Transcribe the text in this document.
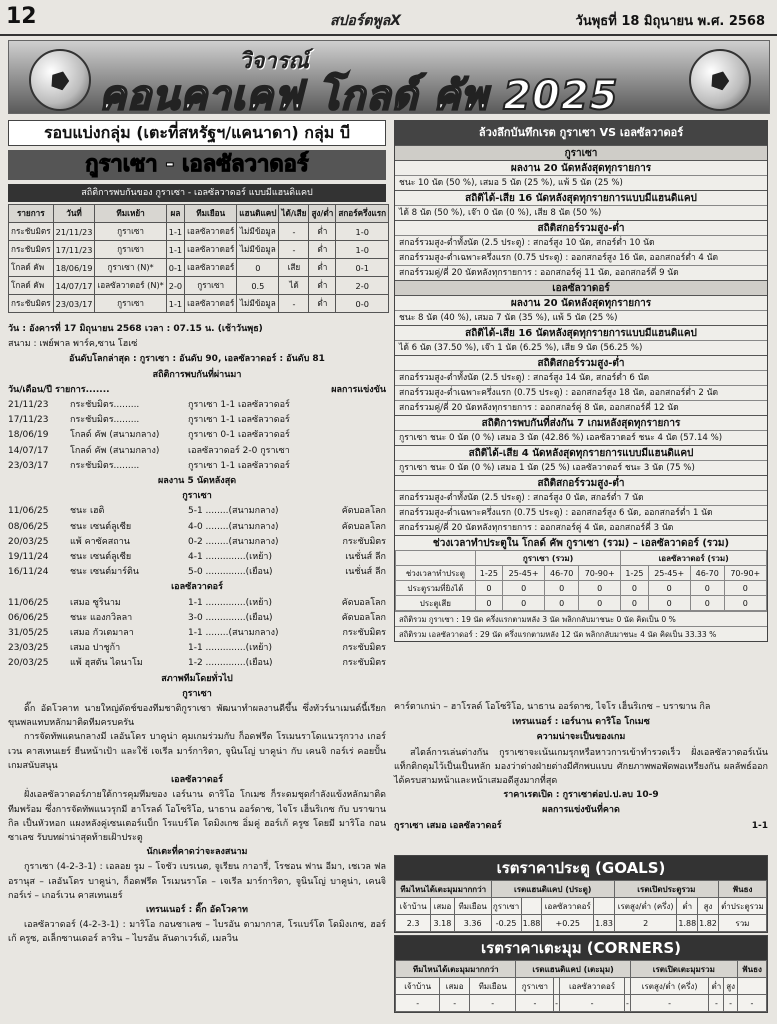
12	สปอร์ตพูลX	วันพุธที่ 18 มิถุนายน พ.ศ. 2568
วิจารณ์
คอนคาเคฟ โกลด์ คัพ 2025
รอบแบ่งกลุ่ม (เตะที่สหรัฐฯ/แคนาดา) กลุ่ม บี
กูราเซา - เอลซัลวาดอร์
สถิติการพบกันของ กูราเซา - เอลซัลวาดอร์ แบบมีแฮนดิแคป
รายการ	วันที่	ทีมเหย้า	ผล	ทีมเยือน	แฮนดิแคป	ได้/เสีย	สูง/ต่ำ	สกอร์ครึ่งแรก
กระชับมิตร	21/11/23	กูราเซา	1-1	เอลซัลวาดอร์	ไม่มีข้อมูล	-	ต่ำ	1-0
กระชับมิตร	17/11/23	กูราเซา	1-1	เอลซัลวาดอร์	ไม่มีข้อมูล	-	ต่ำ	1-0
โกลด์ คัพ	18/06/19	กูราเซา (N)*	0-1	เอลซัลวาดอร์	0	เสีย	ต่ำ	0-1
โกลด์ คัพ	14/07/17	เอลซัลวาดอร์ (N)*	2-0	กูราเซา	0.5	ได้	ต่ำ	2-0
กระชับมิตร	23/03/17	กูราเซา	1-1	เอลซัลวาดอร์	ไม่มีข้อมูล	-	ต่ำ	0-0
วัน : อังคารที่ 17 มิถุนายน 2568 เวลา : 07.15 น. (เช้าวันพุธ)
สนาม : เพย์พาล พาร์ค,ซาน โฮเซ่
อันดับโลกล่าสุด : กูราเซา : อันดับ 90, เอลซัลวาดอร์ : อันดับ 81
สถิติการพบกันที่ผ่านมา
วัน/เดือน/ปี รายการ.......	ผลการแข่งขัน
21/11/23	กระชับมิตร.........	กูราเซา 1-1 เอลซัลวาดอร์
17/11/23	กระชับมิตร.........	กูราเซา 1-1 เอลซัลวาดอร์
18/06/19	โกลด์ คัพ (สนามกลาง)	กูราเซา 0-1 เอลซัลวาดอร์
14/07/17	โกลด์ คัพ (สนามกลาง)	เอลซัลวาดอร์ 2-0 กูราเซา
23/03/17	กระชับมิตร.........	กูราเซา 1-1 เอลซัลวาดอร์
ผลงาน 5 นัดหลังสุด
กูราเซา
11/06/25	ชนะ เฮติ	5-1 ........(สนามกลาง)	คัดบอลโลก
08/06/25	ชนะ เซนต์ลูเซีย	4-0 ........(สนามกลาง)	คัดบอลโลก
20/03/25	แพ้ คาซัคสถาน	0-2 ........(สนามกลาง)	กระชับมิตร
19/11/24	ชนะ เซนต์ลูเซีย	4-1 ..............(เหย้า)	เนชั่นส์ ลีก
16/11/24	ชนะ เซนต์มาร์ติน	5-0 ..............(เยือน)	เนชั่นส์ ลีก
เอลซัลวาดอร์
11/06/25	เสมอ ซูรินาม	1-1 ..............(เหย้า)	คัดบอลโลก
06/06/25	ชนะ แองกวิลลา	3-0 ..............(เยือน)	คัดบอลโลก
31/05/25	เสมอ กัวเตมาลา	1-1 ........(สนามกลาง)	กระชับมิตร
23/03/25	เสมอ ปาชูก้า	1-1 ..............(เหย้า)	กระชับมิตร
20/03/25	แพ้ ฮุสตัน ไดนาโม	1-2 ..............(เยือน)	กระชับมิตร
สภาพทีมโดยทั่วไป
กูราเซา
ดิ๊ก อัดโวคาท นายใหญ่ดัตช์ของทีมชาติกูราเซา พัฒนาทำผลงานดีขึ้น ซึ่งทัวร์นาเมนต์นี้เรียกขุนพลแทบหลักมาติดทีมครบครัน
การจัดทัพแดนกลางมี เลอันโดร บาคูน่า คุมเกมร่วมกับ ก็อดฟรีด โรเมนราโดแนวรุกวาง เกอร์เวน คาสเทนเยร์ ยืนหน้าเป้า และใช้ เจเรีล มาร์การิตา, จูนินโญ่ บาคูน่า กับ เคนจิ กอร์เร่ คอยปั้นเกมสนับสนุน
เอลซัลวาดอร์
ฝั่งเอลซัลวาดอร์ภายใต้การคุมทีมของ เอร์นาน ดาริโอ โกเมซ ก็ระดมชุดกำลังแข้งหลักมาติดทีมพร้อม ซึ่งการจัดทัพแนวรุกมี ฮาโรลด์ โอโซริโอ, นาธาน ออร์ดาซ, ไจโร เฮ็นริเกซ กับ บราฆาน กิล เป็นหัวหอก แผงหลังคู่เซนเตอร์แบ็ก โรแบร์โต โดมิงเกซ อิ่มคู่ ฮอร์เก้ ครูซ โดยมี มาริโอ กอนซาเลซ รับบทผ่าน่าสุดท้ายเฝ้าประตู
นักเตะที่คาดว่าจะลงสนาม
กูราเซา (4-2-3-1) : เอลอย รูม – โจชัว เบรเนต, จูเรียน กาอารี่, โรชอน ฟาน อีมา, เชเวล ฟลอรานุส – เลอันโดร บาคูน่า, ก็อดฟรีด โรเมนราโด – เจเรีล มาร์การิตา, จูนินโญ่ บาคูน่า, เคนจิ กอร์เร่ – เกอร์เวน คาสเทนเยร์
เทรนเนอร์ : ดิ๊ก อัดโวคาท
เอลซัลวาดอร์ (4-2-3-1) : มาริโอ กอนซาเลซ – ไบรอัน ตามากาส, โรแบร์โต โดมิงเกซ, ฮอร์เก้ ครูซ, อเล็กซานเดอร์ ลาริน – ไบรอัน ลันดาเวร์เด้, เมลวิน
ล้วงลึกบันทึกเรต กูราเซา VS เอลซัลวาดอร์
กูราเซา
ผลงาน 20 นัดหลังสุดทุกรายการ
ชนะ 10 นัด (50 %), เสมอ 5 นัด (25 %), แพ้ 5 นัด (25 %)
สถิติได้-เสีย 16 นัดหลังสุดทุกรายการแบบมีแฮนดิแคป
ได้ 8 นัด (50 %), เจ๊า 0 นัด (0 %), เสีย 8 นัด (50 %)
สถิติสกอร์รวมสูง-ต่ำ
สกอร์รวมสูง-ต่ำทั้งนัด (2.5 ประตู) : สกอร์สูง 10 นัด, สกอร์ต่ำ 10 นัด
สกอร์รวมสูง-ต่ำเฉพาะครึ่งแรก (0.75 ประตู) : ออกสกอร์สูง 16 นัด, ออกสกอร์ต่ำ 4 นัด
สกอร์รวมคู่/คี่ 20 นัดหลังทุกรายการ : ออกสกอร์คู่ 11 นัด, ออกสกอร์คี่ 9 นัด
เอลซัลวาดอร์
ผลงาน 20 นัดหลังสุดทุกรายการ
ชนะ 8 นัด (40 %), เสมอ 7 นัด (35 %), แพ้ 5 นัด (25 %)
สถิติได้-เสีย 16 นัดหลังสุดทุกรายการแบบมีแฮนดิแคป
ได้ 6 นัด (37.50 %), เจ๊า 1 นัด (6.25 %), เสีย 9 นัด (56.25 %)
สถิติสกอร์รวมสูง-ต่ำ
สกอร์รวมสูง-ต่ำทั้งนัด (2.5 ประตู) : สกอร์สูง 14 นัด, สกอร์ต่ำ 6 นัด
สกอร์รวมสูง-ต่ำเฉพาะครึ่งแรก (0.75 ประตู) : ออกสกอร์สูง 18 นัด, ออกสกอร์ต่ำ 2 นัด
สกอร์รวมคู่/คี่ 20 นัดหลังทุกรายการ : ออกสกอร์คู่ 8 นัด, ออกสกอร์คี่ 12 นัด
สถิติการพบกันที่ส่งกัน 7 เกมหลังสุดทุกรายการ
กูราเซา ชนะ 0 นัด (0 %) เสมอ 3 นัด (42.86 %) เอลซัลวาดอร์ ชนะ 4 นัด (57.14 %)
สถิติได้-เสีย 4 นัดหลังสุดทุกรายการแบบมีแฮนดิแคป
กูราเซา ชนะ 0 นัด (0 %) เสมอ 1 นัด (25 %) เอลซัลวาดอร์ ชนะ 3 นัด (75 %)
สถิติสกอร์รวมสูง-ต่ำ
สกอร์รวมสูง-ต่ำทั้งนัด (2.5 ประตู) : สกอร์สูง 0 นัด, สกอร์ต่ำ 7 นัด
สกอร์รวมสูง-ต่ำเฉพาะครึ่งแรก (0.75 ประตู) : ออกสกอร์สูง 6 นัด, ออกสกอร์ต่ำ 1 นัด
สกอร์รวมคู่/คี่ 20 นัดหลังทุกรายการ : ออกสกอร์คู่ 4 นัด, ออกสกอร์คี่ 3 นัด
ช่วงเวลาทำประตูใน โกลด์ คัพ กูราเซา (รวม) – เอลซัลวาดอร์ (รวม)
	กูราเซา (รวม)				เอลซัลวาดอร์ (รวม)			
ช่วงเวลาทำประตู	1-25	25-45+	46-70	70-90+	1-25	25-45+	46-70	70-90+
ประตูรวมที่ยิงได้	0	0	0	0	0	0	0	0
ประตูเสีย	0	0	0	0	0	0	0	0
สถิติรวม กูราเซา : 19 นัด ครึ่งแรกตามหลัง 3 นัด พลิกกลับมาชนะ 0 นัด คิดเป็น 0 %
สถิติรวม เอลซัลวาดอร์ : 29 นัด ครึ่งแรกตามหลัง 12 นัด พลิกกลับมาชนะ 4 นัด คิดเป็น 33.33 %
คาร์ตาเกน่า – ฮาโรลด์ โอโซริโอ, นาธาน ออร์ดาซ, ไจโร เฮ็นริเกซ – บราฆาน กิล
เทรนเนอร์ : เอร์นาน ดาริโอ โกเมซ
ความน่าจะเป็นของเกม
สไตล์การเล่นต่างกัน กูราเซาจะเน้นเกมรุกหรือหาวการเข้าทำรวดเร็ว ฝั่งเอลซัลวาดอร์เน้นแท็กติกดุมไว้เป็นเป็นหลัก มองว่าต่างฝ่ายต่างมีศักพบแบบ ศักยภาพพอพัดพอเหรียงกัน ผลลัพธ์ออกได้ครบสามหน้าและหน้าเสมอดีสูงมากที่สุด
ราคาเรตเปิด : กูราเซาต่อป.ป.ลบ 10-9
ผลการแข่งขันที่คาด
กูราเซา เสมอ เอลซัลวาดอร์	1-1
เรตราคาประตู (GOALS)
ทีมไหนได้เตะมุมมากกว่า			เรตแฮนดิแคป (ประตู)				เรตเปิดประตูรวม			ฟันธง
เจ้าบ้าน	เสมอ	ทีมเยือน	กูราเซา		เอลซัลวาดอร์		เรตสูง/ต่ำ (ครึ่ง)	ต่ำ	สูง	ต่ำประตูรวม
2.3	3.18	3.36	-0.25	1.88	+0.25	1.83	2	1.88	1.82	รวม
เรตราคาเตะมุม (CORNERS)
ทีมไหนได้เตะมุมมากกว่า			เรตแฮนดิแคป (เตะมุม)				เรตเปิดเตะมุมรวม			ฟันธง
เจ้าบ้าน	เสมอ	ทีมเยือน	กูราเซา		เอลซัลวาดอร์		เรตสูง/ต่ำ (ครึ่ง)	ต่ำ	สูง	
-	-	-	-	-	-	-	-	-	-	-
